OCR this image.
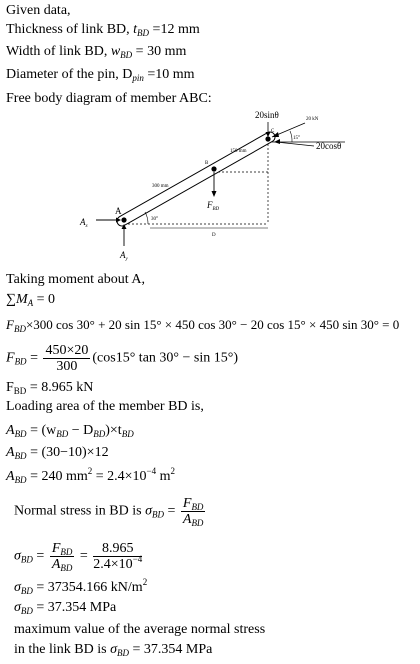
Given data,
Thickness of link BD, $t_{BD} =12$ mm
Width of link BD, $w_{BD} = 30$ mm
Diameter of the pin, $D_{pin} =10$ mm
Free body diagram of member ABC:
20sinθ	20 kN
C
15°
20cosθ
150 mm
B
300 mm
$F_{BD}$
A
$A_x$
30°
D
$A_y$
Taking moment about A,
$\sum M_A = 0$
$F_{BD}\times 300$ cos 30° + 20 sin 15° × 450 cos 30° − 20 cos 15° × 450 sin 30° = 0
$F_{BD} = \frac{450\times 20}{300} (\cos 15^\circ$ tan 30° − sin 15°)
$F_{BD} = 8.965$ kN
Loading area of the member BD is,
$A_{BD} = (w_{BD} - D_{BD})\times t_{BD}$
$A_{BD} = (30-10)\times 12$
$A_{BD} = 240$ $mm^2 = 2.4\times 10^{-4}$ $m^2$
Normal stress in BD is $\sigma_{BD} = \frac{F_{BD}}{A_{BD}}$
$\sigma_{BD} = \frac{F_{BD}}{A_{BD}} = \frac{8.965}{2.4\times 10^{-4}}$
$\sigma_{BD} = 37354.166$ $kN/m^2$
$\sigma_{BD} = 37.354$ MPa
maximum value of the average normal stress
in the link BD is $\sigma_{BD} = 37.354$ MPa
